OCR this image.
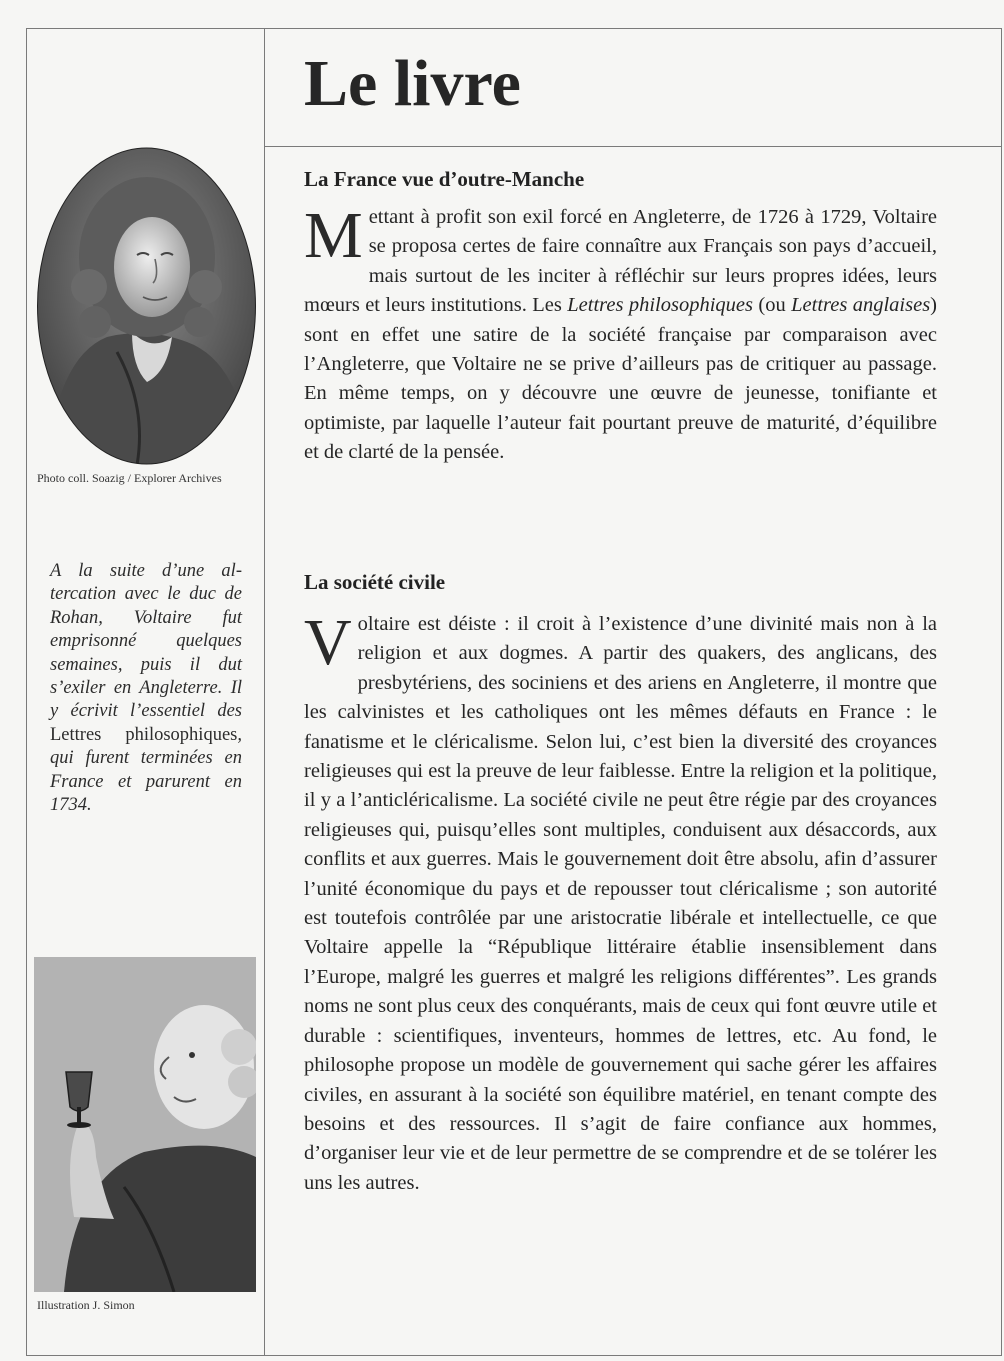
Le livre
Photo coll. Soazig / Explorer Archives
A la suite d’une altercation avec le duc de Rohan, Voltaire fut emprisonné quelques semaines, puis il dut s’exiler en Angleterre. Il y écrivit l’essentiel des Lettres philosophiques, qui furent terminées en France et parurent en 1734.
Illustration J. Simon
La France vue d’outre-Manche

Mettant à profit son exil forcé en Angleterre, de 1726 à 1729, Voltaire se proposa certes de faire connaître aux Français son pays d’accueil, mais surtout de les inciter à réfléchir sur leurs propres idées, leurs mœurs et leurs institutions. Les Lettres philosophiques (ou Lettres anglaises) sont en effet une satire de la société française par comparaison avec l’Angleterre, que Voltaire ne se prive d’ailleurs pas de critiquer au passage. En même temps, on y découvre une œuvre de jeunesse, tonifiante et optimiste, par laquelle l’auteur fait pourtant preuve de maturité, d’équilibre et de clarté de la pensée.

La société civile

Voltaire est déiste : il croit à l’existence d’une divinité mais non à la religion et aux dogmes. A partir des quakers, des anglicans, des presbytériens, des sociniens et des ariens en Angleterre, il montre que les calvinistes et les catholiques ont les mêmes défauts en France : le fanatisme et le cléricalisme. Selon lui, c’est bien la diversité des croyances religieuses qui est la preuve de leur faiblesse. Entre la religion et la politique, il y a l’anticléricalisme. La société civile ne peut être régie par des croyances religieuses qui, puisqu’elles sont multiples, conduisent aux désaccords, aux conflits et aux guerres. Mais le gouvernement doit être absolu, afin d’assurer l’unité économique du pays et de repousser tout cléricalisme ; son autorité est toutefois contrôlée par une aristocratie libérale et intellectuelle, ce que Voltaire appelle la “République littéraire établie insensiblement dans l’Europe, malgré les guerres et malgré les religions différentes”. Les grands noms ne sont plus ceux des conquérants, mais de ceux qui font œuvre utile et durable : scientifiques, inventeurs, hommes de lettres, etc. Au fond, le philosophe propose un modèle de gouvernement qui sache gérer les affaires civiles, en assurant à la société son équilibre matériel, en tenant compte des besoins et des ressources. Il s’agit de faire confiance aux hommes, d’organiser leur vie et de leur permettre de se comprendre et de se tolérer les uns les autres.
